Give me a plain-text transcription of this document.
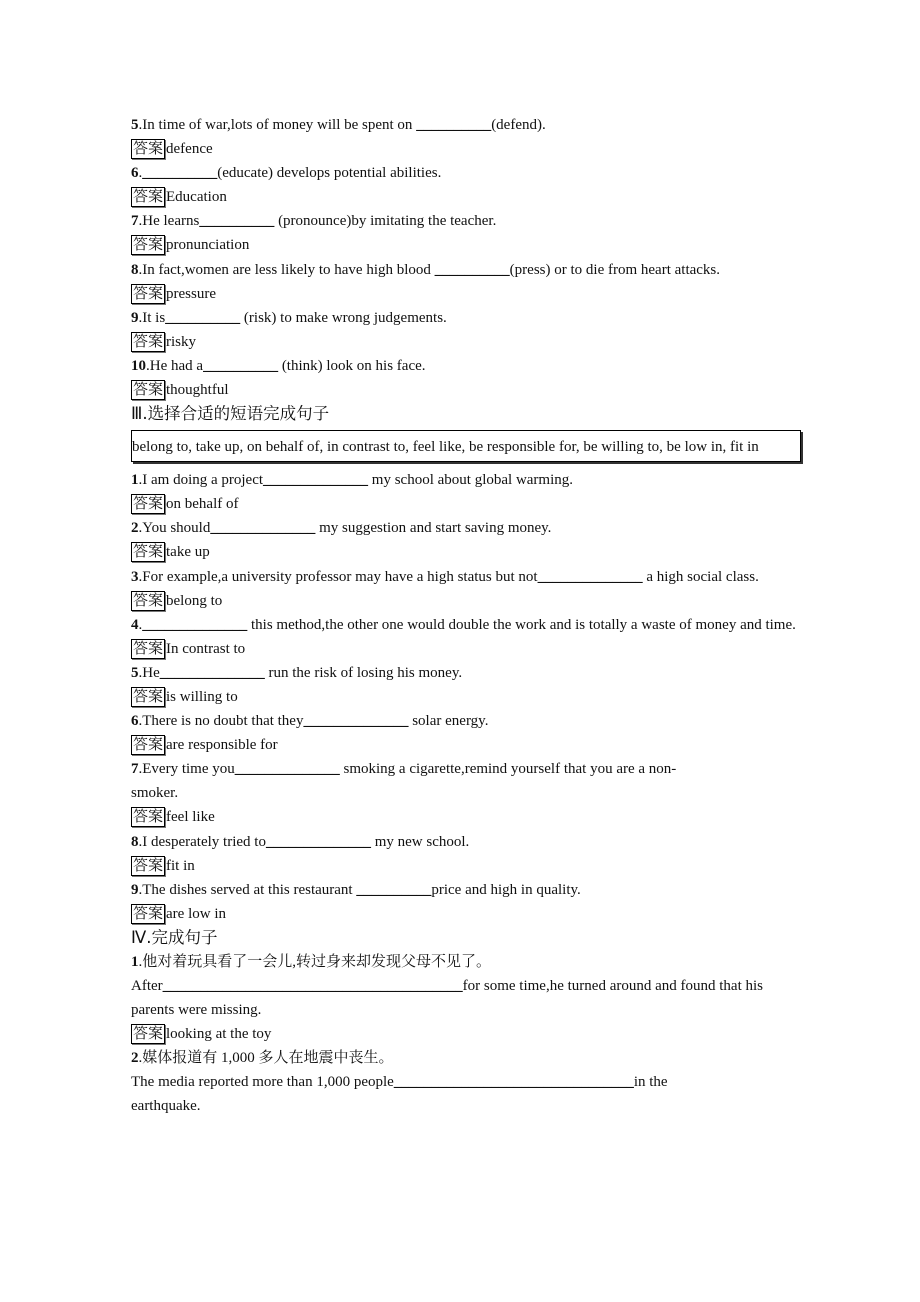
5.In time of war,lots of money will be spent on __________(defend).
答案 defence
6.__________(educate) develops potential abilities.
答案 Education
7.He learns__________ (pronounce)by imitating the teacher.
答案 pronunciation
8.In fact,women are less likely to have high blood __________(press) or to die from heart attacks.
答案 pressure
9.It is__________ (risk) to make wrong judgements.
答案 risky
10.He had a__________ (think) look on his face.
答案 thoughtful
Ⅲ.选择合适的短语完成句子
belong to, take up, on behalf of, in contrast to, feel like, be responsible for, be willing to, be low in, fit in
1.I am doing a project______________ my school about global warming.
答案 on behalf of
2.You should______________ my suggestion and start saving money.
答案 take up
3.For example,a university professor may have a high status but not______________ a high social class.
答案 belong to
4.______________ this method,the other one would double the work and is totally a waste of money and time.
答案 In contrast to
5.He______________ run the risk of losing his money.
答案 is willing to
6.There is no doubt that they______________ solar energy.
答案 are responsible for
7.Every time you______________ smoking a cigarette,remind yourself that you are a non-smoker.
答案 feel like
8.I desperately tried to______________ my new school.
答案 fit in
9.The dishes served at this restaurant __________price and high in quality.
答案 are low in
Ⅳ.完成句子
1.他对着玩具看了一会儿,转过身来却发现父母不见了。
After________________________________________for some time,he turned around and found that his parents were missing.
答案 looking at the toy
2.媒体报道有 1,000 多人在地震中丧生。
The media reported more than 1,000 people________________________________in the earthquake.
